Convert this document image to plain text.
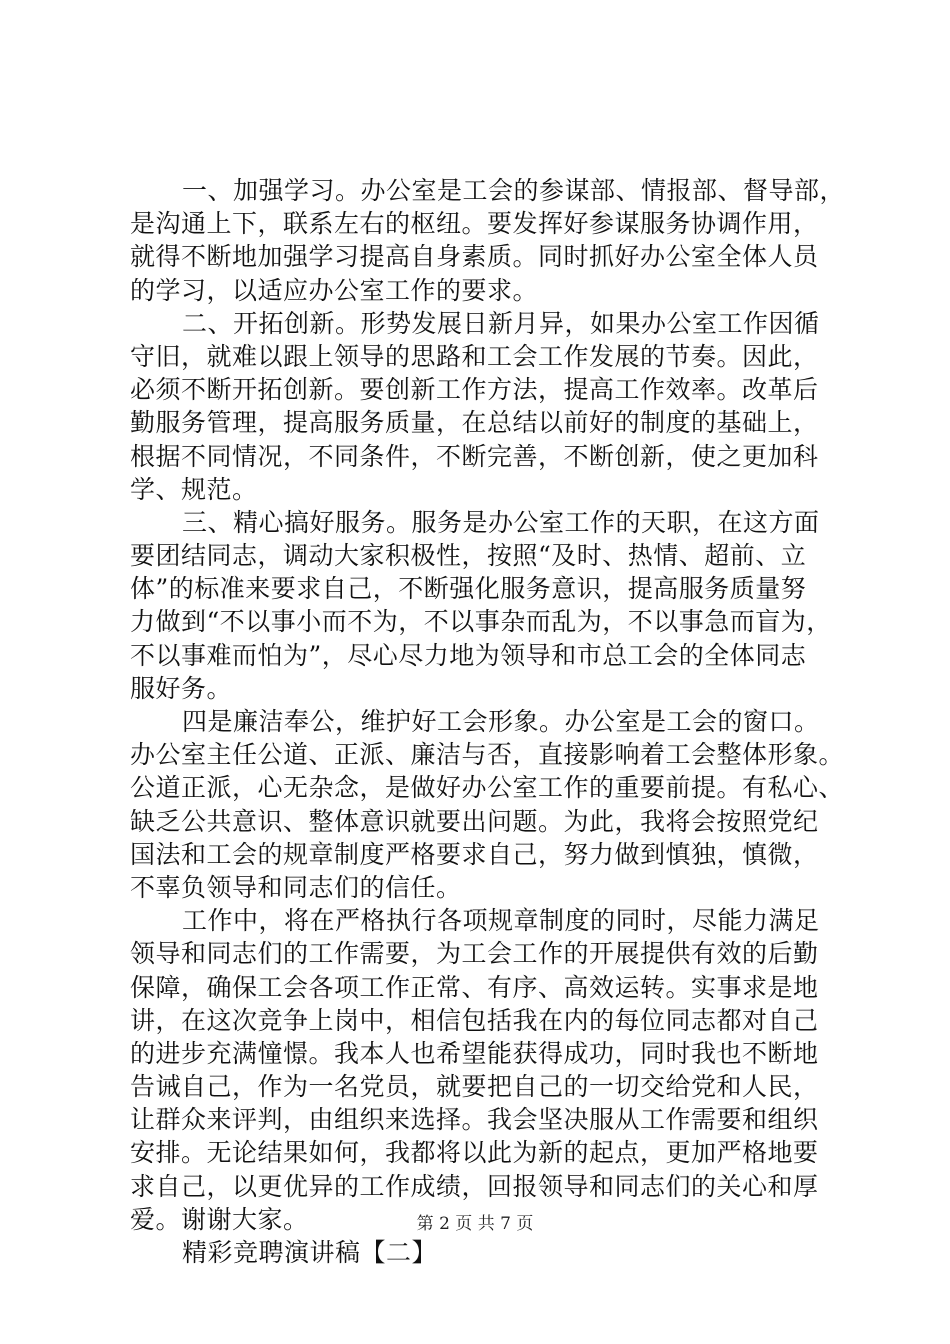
一、加强学习。办公室是工会的参谋部、情报部、督导部，
是沟通上下，联系左右的枢纽。要发挥好参谋服务协调作用，
就得不断地加强学习提高自身素质。同时抓好办公室全体人员
的学习，以适应办公室工作的要求。
二、开拓创新。形势发展日新月异，如果办公室工作因循
守旧，就难以跟上领导的思路和工会工作发展的节奏。因此，
必须不断开拓创新。要创新工作方法，提高工作效率。改革后
勤服务管理，提高服务质量，在总结以前好的制度的基础上，
根据不同情况，不同条件，不断完善，不断创新，使之更加科
学、规范。
三、精心搞好服务。服务是办公室工作的天职，在这方面
要团结同志，调动大家积极性，按照“及时、热情、超前、立
体”的标准来要求自己，不断强化服务意识，提高服务质量努
力做到“不以事小而不为，不以事杂而乱为，不以事急而盲为，
不以事难而怕为”，尽心尽力地为领导和市总工会的全体同志
服好务。
四是廉洁奉公，维护好工会形象。办公室是工会的窗口。
办公室主任公道、正派、廉洁与否，直接影响着工会整体形象。
公道正派，心无杂念，是做好办公室工作的重要前提。有私心、
缺乏公共意识、整体意识就要出问题。为此，我将会按照党纪
国法和工会的规章制度严格要求自己，努力做到慎独，慎微，
不辜负领导和同志们的信任。
工作中，将在严格执行各项规章制度的同时，尽能力满足
领导和同志们的工作需要，为工会工作的开展提供有效的后勤
保障，确保工会各项工作正常、有序、高效运转。实事求是地
讲，在这次竞争上岗中，相信包括我在内的每位同志都对自己
的进步充满憧憬。我本人也希望能获得成功，同时我也不断地
告诫自己，作为一名党员，就要把自己的一切交给党和人民，
让群众来评判，由组织来选择。我会坚决服从工作需要和组织
安排。无论结果如何，我都将以此为新的起点，更加严格地要
求自己，以更优异的工作成绩，回报领导和同志们的关心和厚
爱。谢谢大家。
精彩竞聘演讲稿【二】
第 2 页 共 7 页
